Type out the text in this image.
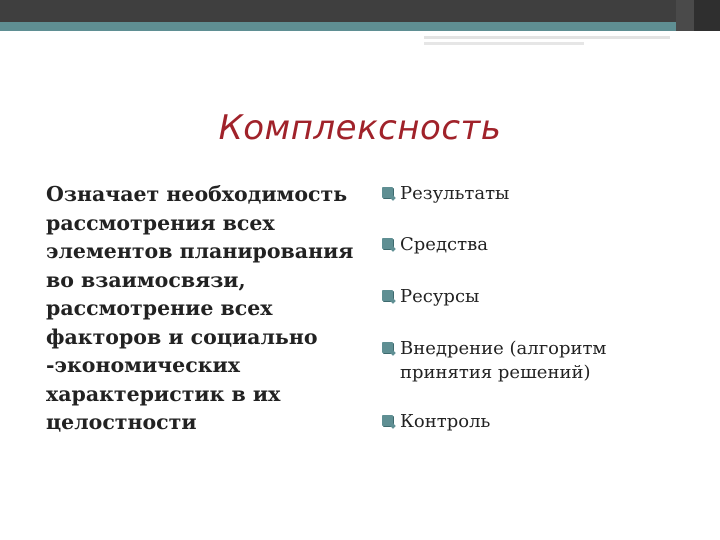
Комплексность
Означает необходимость рассмотрения всех элементов планирования во взаимосвязи, рассмотрение всех факторов и социально -экономических характеристик в их целостности
Результаты
Средства
Ресурсы
Внедрение (алгоритм принятия решений)
Контроль
